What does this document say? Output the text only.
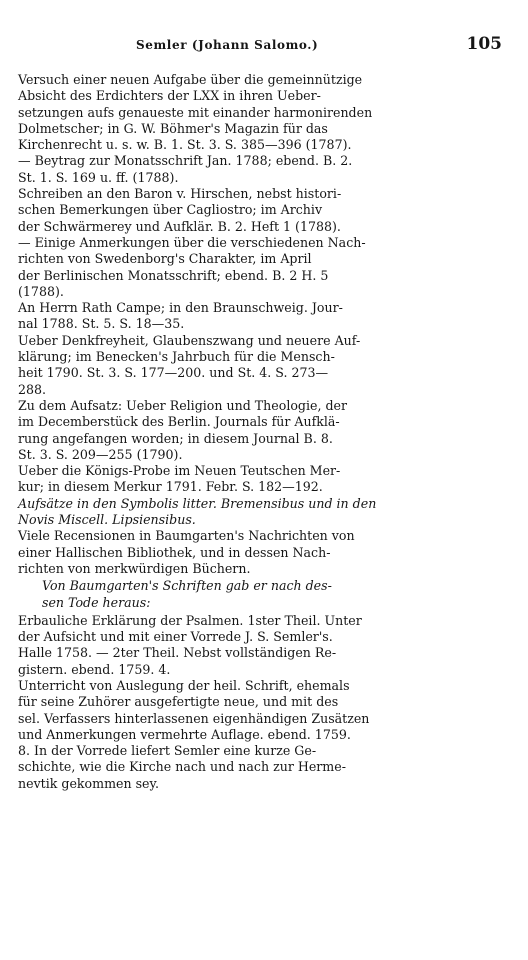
Semler (Johann Salomo.)	105

Versuch einer neuen Aufgabe über die gemeinnützige
Absicht des Erdichters der LXX in ihren Ueber-
setzungen aufs genaueste mit einander harmonirenden
Dolmetscher; in G. W. Böhmer's Magazin für das
Kirchenrecht u. s. w. B. 1. St. 3. S. 385—396 (1787).
— Beytrag zur Monatsschrift Jan. 1788; ebend. B. 2.
St. 1. S. 169 u. ff. (1788).

Schreiben an den Baron v. Hirschen, nebst histori-
schen Bemerkungen über Cagliostro; im Archiv
der Schwärmerey und Aufklär. B. 2. Heft 1 (1788).
— Einige Anmerkungen über die verschiedenen Nach-
richten von Swedenborg's Charakter, im April
der Berlinischen Monatsschrift; ebend. B. 2 H. 5
(1788).

An Herrn Rath Campe; in den Braunschweig. Jour-
nal 1788. St. 5. S. 18—35.

Ueber Denkfreyheit, Glaubenszwang und neuere Auf-
klärung; im Benecken's Jahrbuch für die Mensch-
heit 1790. St. 3. S. 177—200. und St. 4. S. 273—
288.

Zu dem Aufsatz: Ueber Religion und Theologie, der
im Decemberstück des Berlin. Journals für Aufklä-
rung angefangen worden; in diesem Journal B. 8.
St. 3. S. 209—255 (1790).

Ueber die Königs-Probe im Neuen Teutschen Mer-
kur; in diesem Merkur 1791. Febr. S. 182—192.

Aufsätze in den Symbolis litter. Bremensibus und in den
Novis Miscell. Lipsiensibus.

Viele Recensionen in Baumgarten's Nachrichten von
einer Hallischen Bibliothek, und in dessen Nach-
richten von merkwürdigen Büchern.

Von Baumgarten's Schriften gab er nach des-
sen Tode heraus:

Erbauliche Erklärung der Psalmen. 1ster Theil. Unter
der Aufsicht und mit einer Vorrede J. S. Semler's.
Halle 1758. — 2ter Theil. Nebst vollständigen Re-
gistern. ebend. 1759. 4.

Unterricht von Auslegung der heil. Schrift, ehemals
für seine Zuhörer ausgefertigte neue, und mit des
sel. Verfassers hinterlassenen eigenhändigen Zusätzen
und Anmerkungen vermehrte Auflage. ebend. 1759.
8. In der Vorrede liefert Semler eine kurze Ge-
schichte, wie die Kirche nach und nach zur Herme-
nevtik gekommen sey.
